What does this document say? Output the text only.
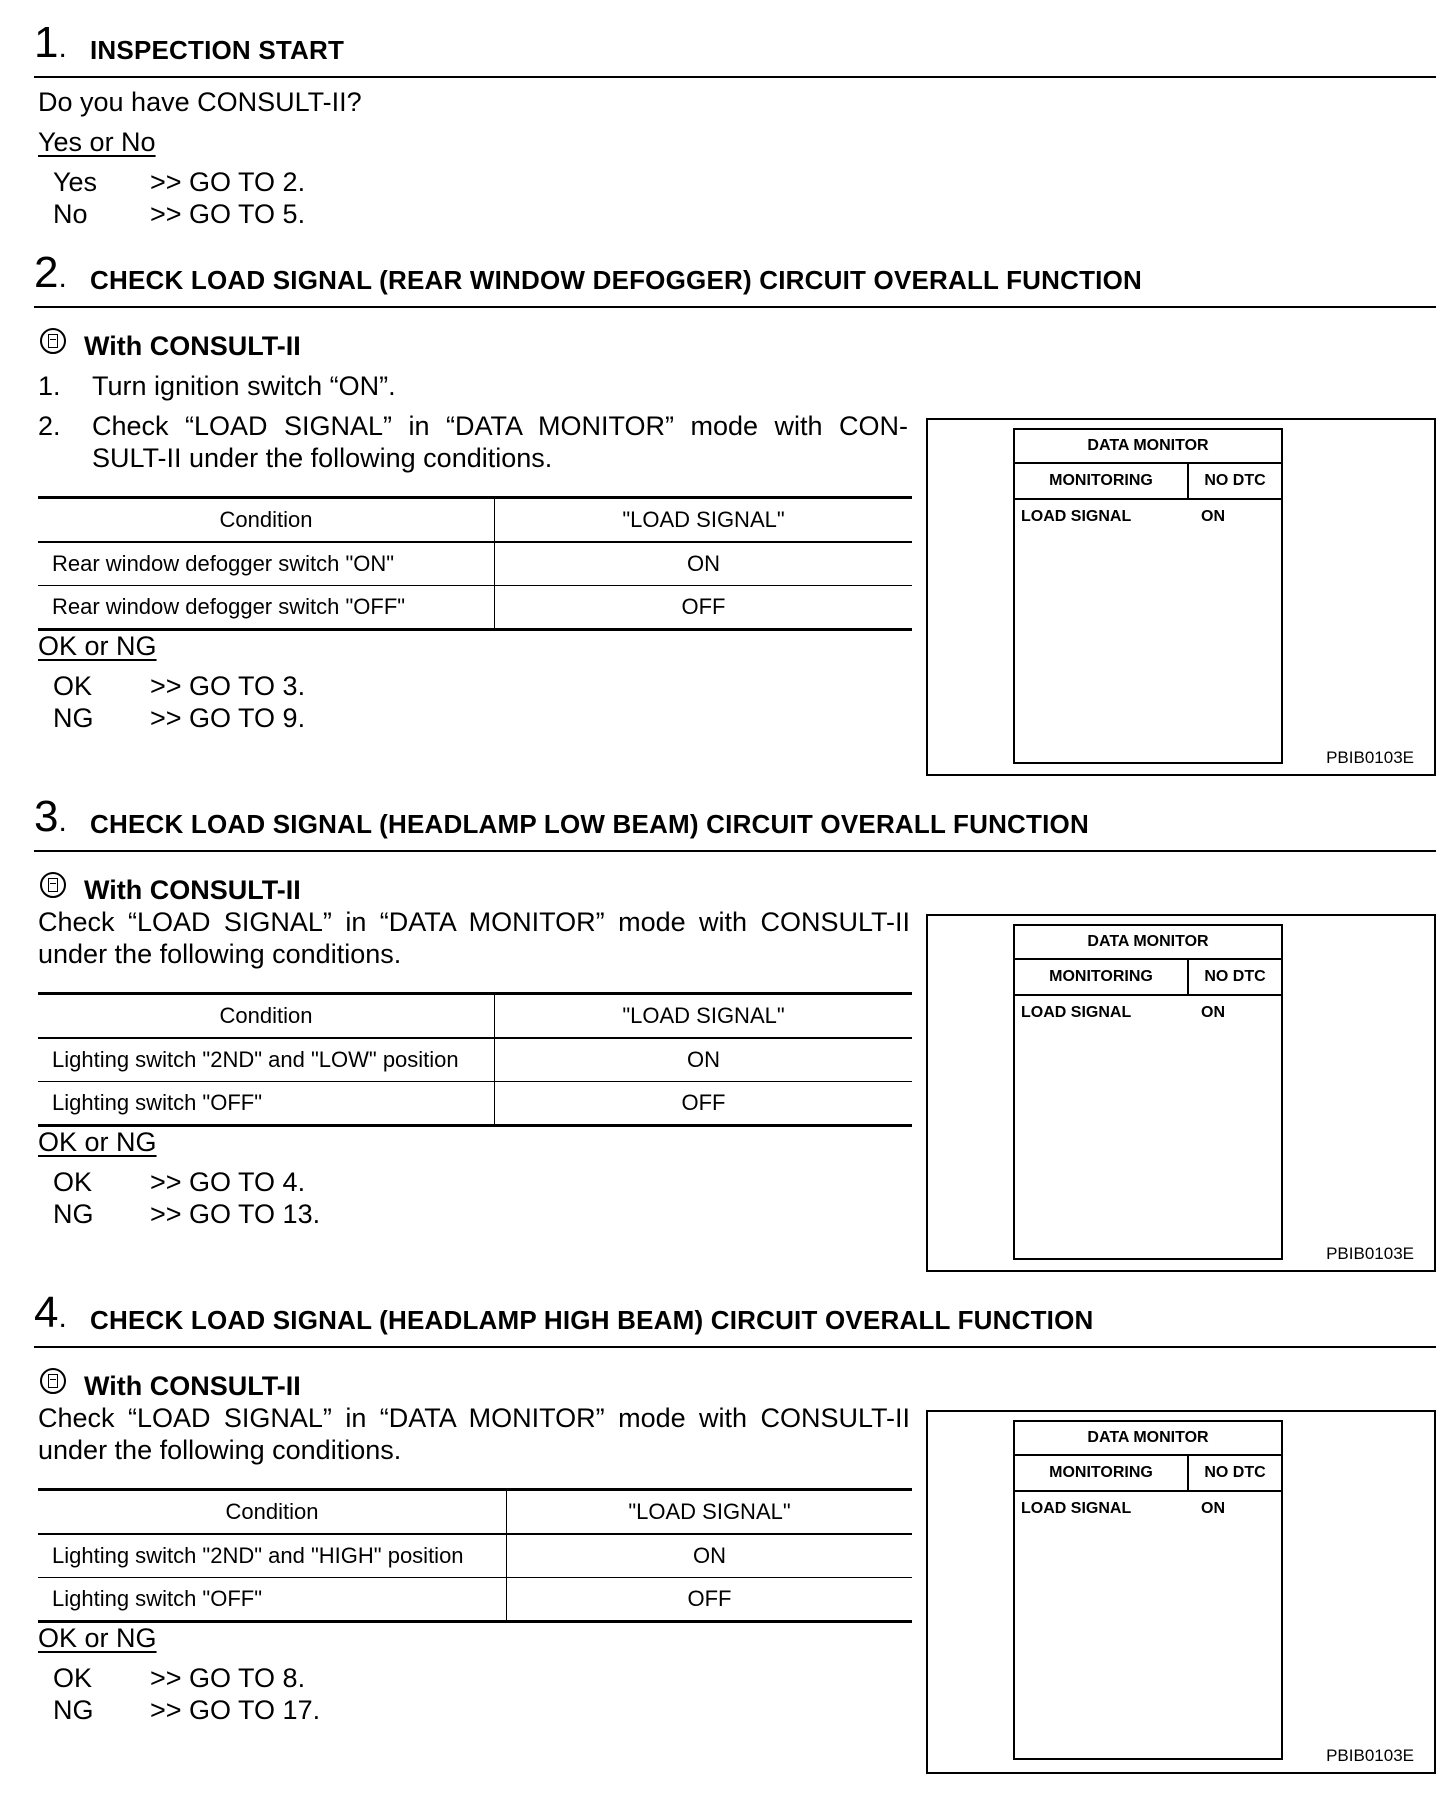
1. INSPECTION START
Do you have CONSULT-II?
Yes or No
Yes >> GO TO 2.
No >> GO TO 5.
2. CHECK LOAD SIGNAL (REAR WINDOW DEFOGGER) CIRCUIT OVERALL FUNCTION
With CONSULT-II
1. Turn ignition switch “ON”.
2. Check “LOAD SIGNAL” in “DATA MONITOR” mode with CON-SULT-II under the following conditions.
Condition	"LOAD SIGNAL"
Rear window defogger switch "ON"	ON
Rear window defogger switch "OFF"	OFF
OK or NG
OK >> GO TO 3.
NG >> GO TO 9.
DATA MONITOR
MONITORING	NO DTC
LOAD SIGNAL	ON
PBIB0103E
3. CHECK LOAD SIGNAL (HEADLAMP LOW BEAM) CIRCUIT OVERALL FUNCTION
With CONSULT-II
Check “LOAD SIGNAL” in “DATA MONITOR” mode with CONSULT-II under the following conditions.
Condition	"LOAD SIGNAL"
Lighting switch "2ND" and "LOW" position	ON
Lighting switch "OFF"	OFF
OK or NG
OK >> GO TO 4.
NG >> GO TO 13.
DATA MONITOR
MONITORING	NO DTC
LOAD SIGNAL	ON
PBIB0103E
4. CHECK LOAD SIGNAL (HEADLAMP HIGH BEAM) CIRCUIT OVERALL FUNCTION
With CONSULT-II
Check “LOAD SIGNAL” in “DATA MONITOR” mode with CONSULT-II under the following conditions.
Condition	"LOAD SIGNAL"
Lighting switch "2ND" and "HIGH" position	ON
Lighting switch "OFF"	OFF
OK or NG
OK >> GO TO 8.
NG >> GO TO 17.
DATA MONITOR
MONITORING	NO DTC
LOAD SIGNAL	ON
PBIB0103E
